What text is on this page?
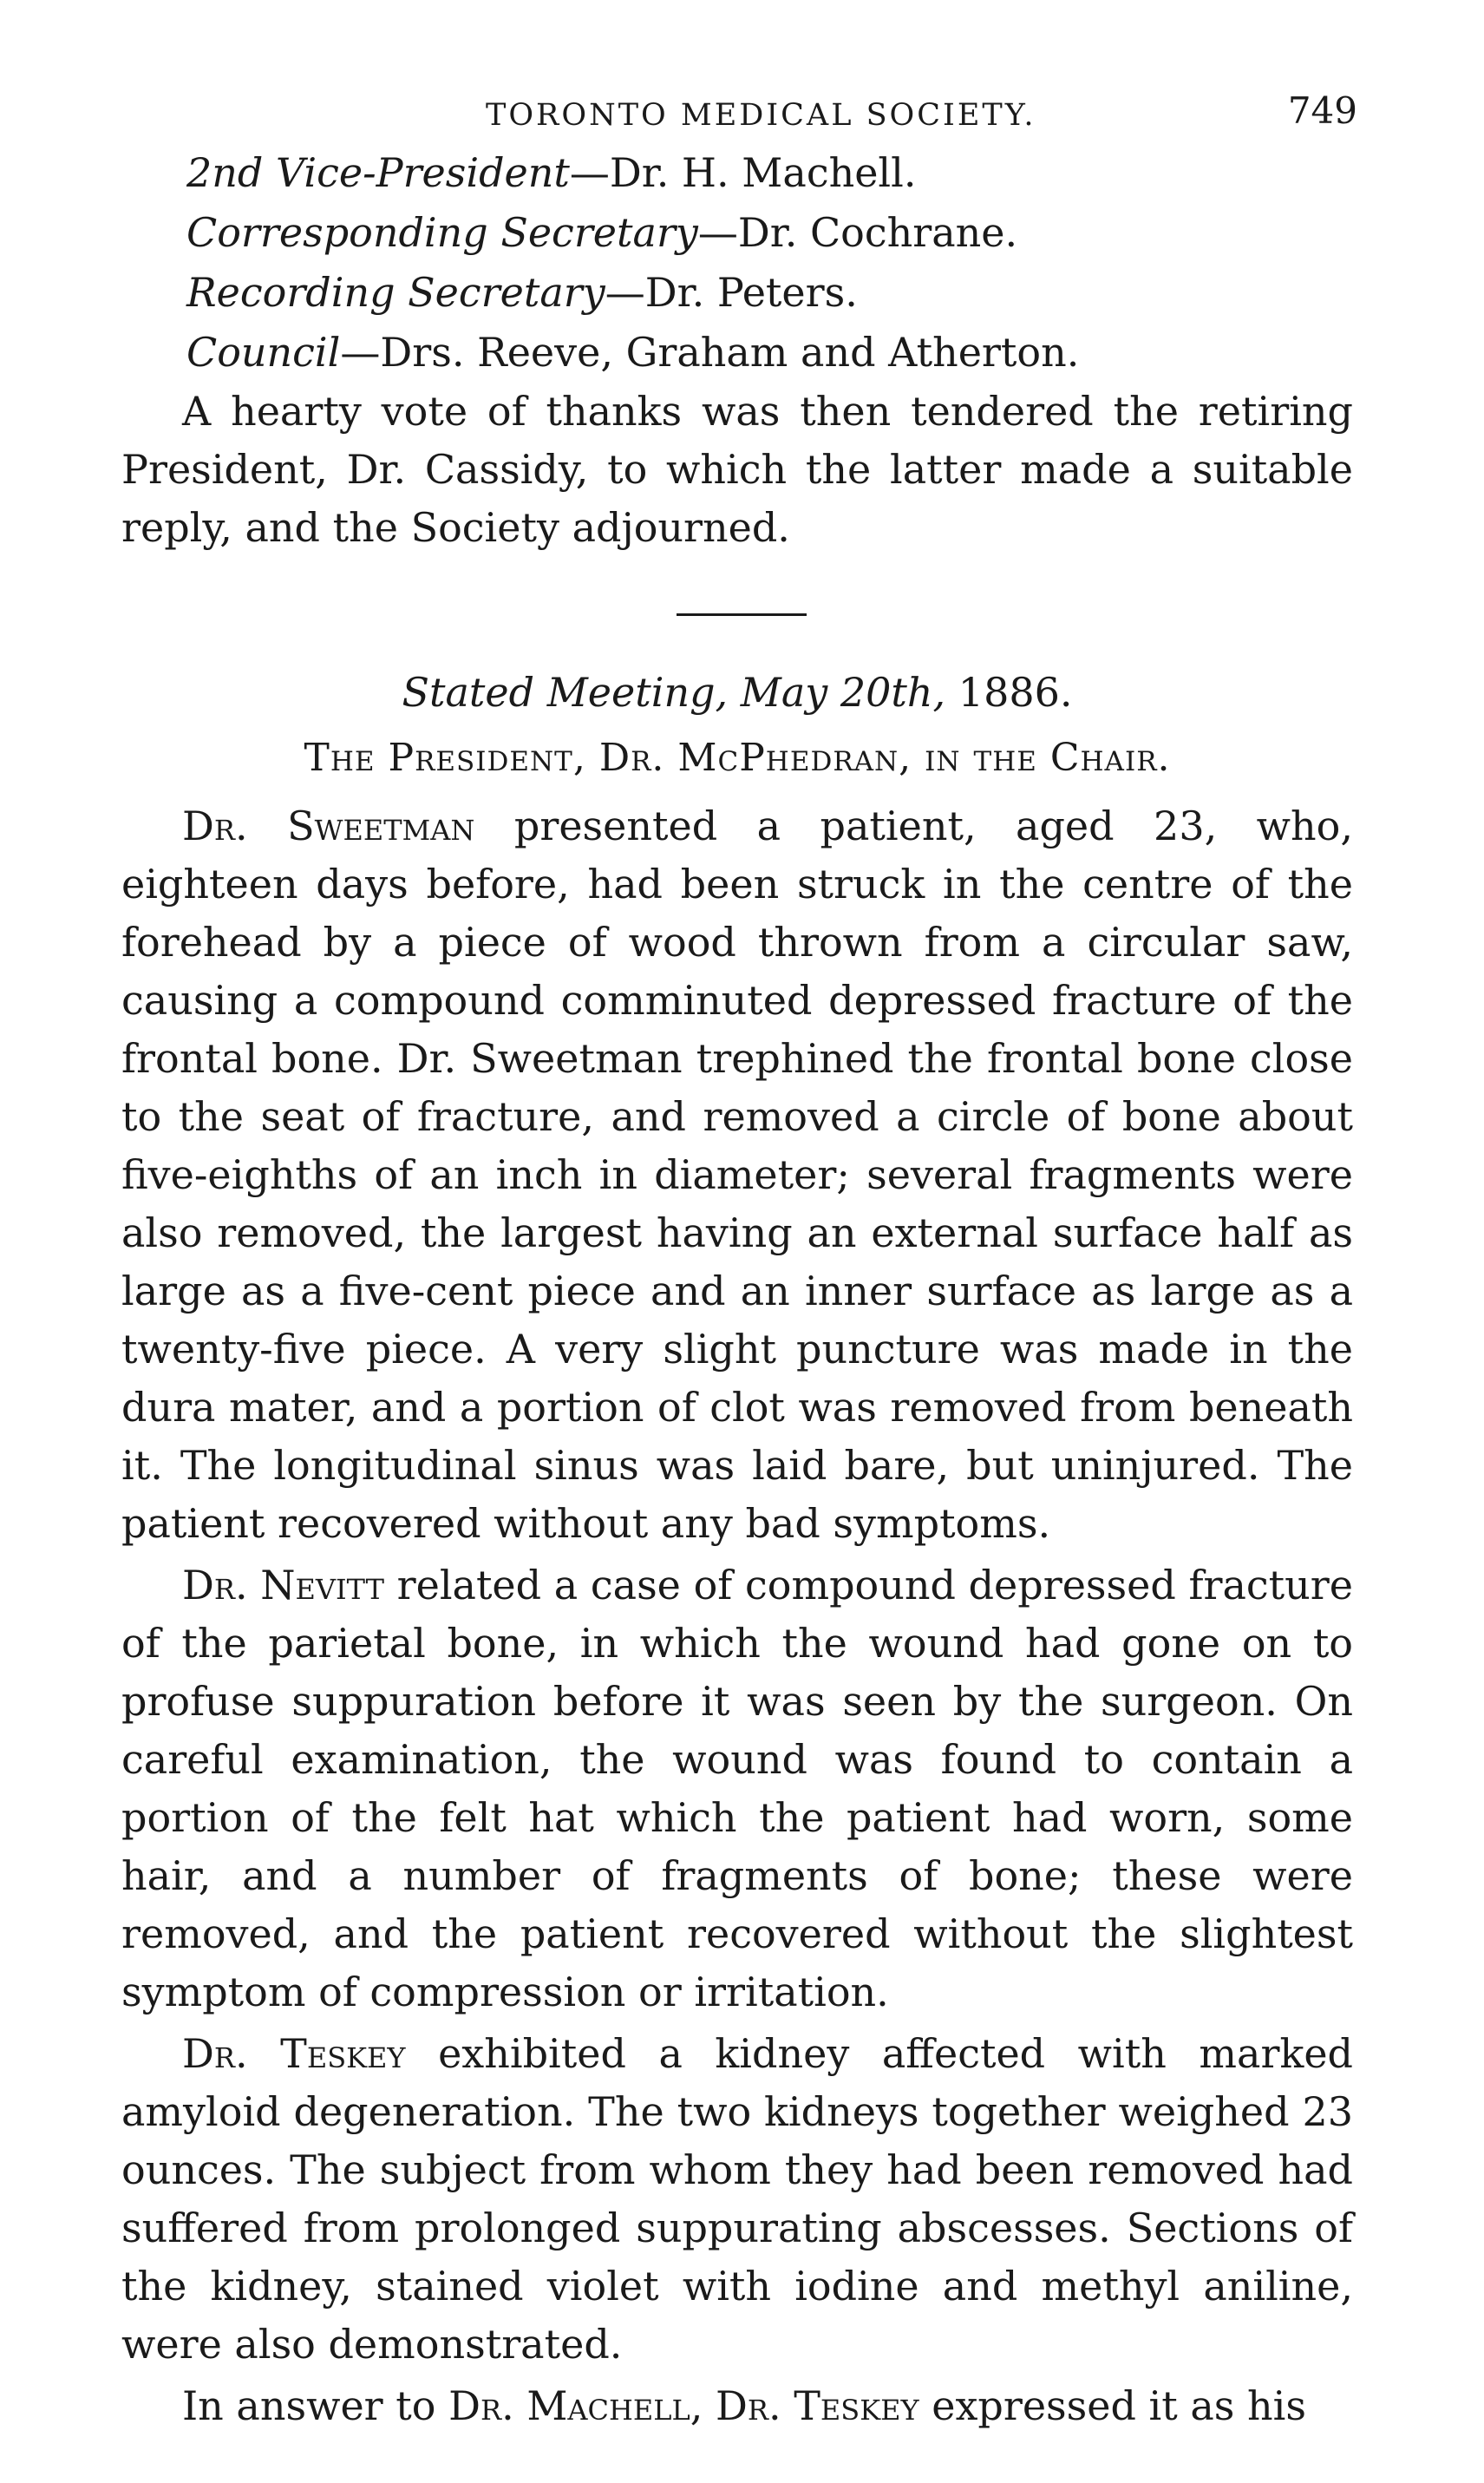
TORONTO MEDICAL SOCIETY.	749
2nd Vice-President—Dr. H. Machell.
Corresponding Secretary—Dr. Cochrane.
Recording Secretary—Dr. Peters.
Council—Drs. Reeve, Graham and Atherton.

A hearty vote of thanks was then tendered the retiring President, Dr. Cassidy, to which the latter made a suitable reply, and the Society adjourned.

Stated Meeting, May 20th, 1886.
The President, Dr. McPhedran, in the Chair.

Dr. Sweetman presented a patient, aged 23, who, eighteen days before, had been struck in the centre of the forehead by a piece of wood thrown from a circular saw, causing a compound comminuted depressed fracture of the frontal bone. Dr. Sweetman trephined the frontal bone close to the seat of fracture, and removed a circle of bone about five-eighths of an inch in diameter; several fragments were also removed, the largest having an external surface half as large as a five-cent piece and an inner surface as large as a twenty-five piece. A very slight puncture was made in the dura mater, and a portion of clot was removed from beneath it. The longitudinal sinus was laid bare, but uninjured. The patient recovered without any bad symptoms.

Dr. Nevitt related a case of compound depressed fracture of the parietal bone, in which the wound had gone on to profuse suppuration before it was seen by the surgeon. On careful examination, the wound was found to contain a portion of the felt hat which the patient had worn, some hair, and a number of fragments of bone; these were removed, and the patient recovered without the slightest symptom of compression or irritation.

Dr. Teskey exhibited a kidney affected with marked amyloid degeneration. The two kidneys together weighed 23 ounces. The subject from whom they had been removed had suffered from prolonged suppurating abscesses. Sections of the kidney, stained violet with iodine and methyl aniline, were also demonstrated.

In answer to Dr. Machell, Dr. Teskey expressed it as his
